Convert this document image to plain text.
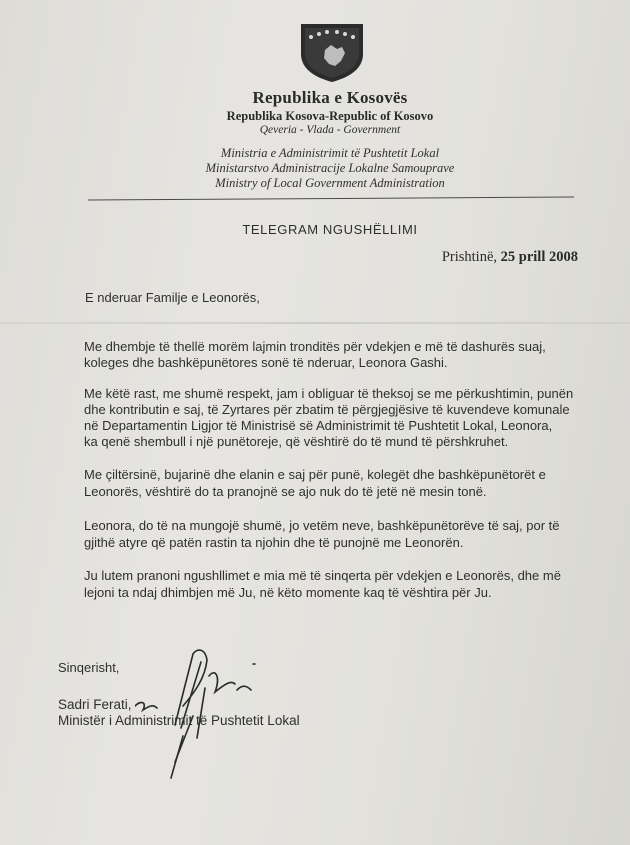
Republika e Kosovës
Republika Kosova-Republic of Kosovo
Qeveria - Vlada - Government
Ministria e Administrimit të Pushtetit Lokal
Ministarstvo Administracije Lokalne Samouprave
Ministry of Local Government Administration
TELEGRAM NGUSHËLLIMI
Prishtinë, 25 prill 2008
E nderuar Familje e Leonorës,
Me dhembje të thellë morëm lajmin tronditës për vdekjen e më të dashurës suaj,
koleges dhe bashkëpunëtores sonë të nderuar, Leonora Gashi.
Me këtë rast, me shumë respekt, jam i obliguar të theksoj se me përkushtimin, punën
dhe kontributin e saj, të Zyrtares për zbatim të përgjegjësive të kuvendeve komunale
në Departamentin Ligjor të Ministrisë së Administrimit të Pushtetit Lokal, Leonora,
ka qenë shembull i një punëtoreje, që vështirë do të mund të përshkruhet.
Me çiltërsinë, bujarinë dhe elanin e saj për punë, kolegët dhe bashkëpunëtorët e
Leonorës, vështirë do ta pranojnë se ajo nuk do të jetë në mesin tonë.
Leonora, do të na mungojë shumë, jo vetëm neve, bashkëpunëtorëve të saj, por të
gjithë atyre që patën rastin ta njohin dhe të punojnë me Leonorën.
Ju lutem pranoni ngushllimet e mia më të sinqerta për vdekjen e Leonorës, dhe më
lejoni ta ndaj dhimbjen më Ju, në këto momente kaq të vështira për Ju.
Sinqerisht,
Sadri Ferati,
Ministër i Administrimit të Pushtetit Lokal
